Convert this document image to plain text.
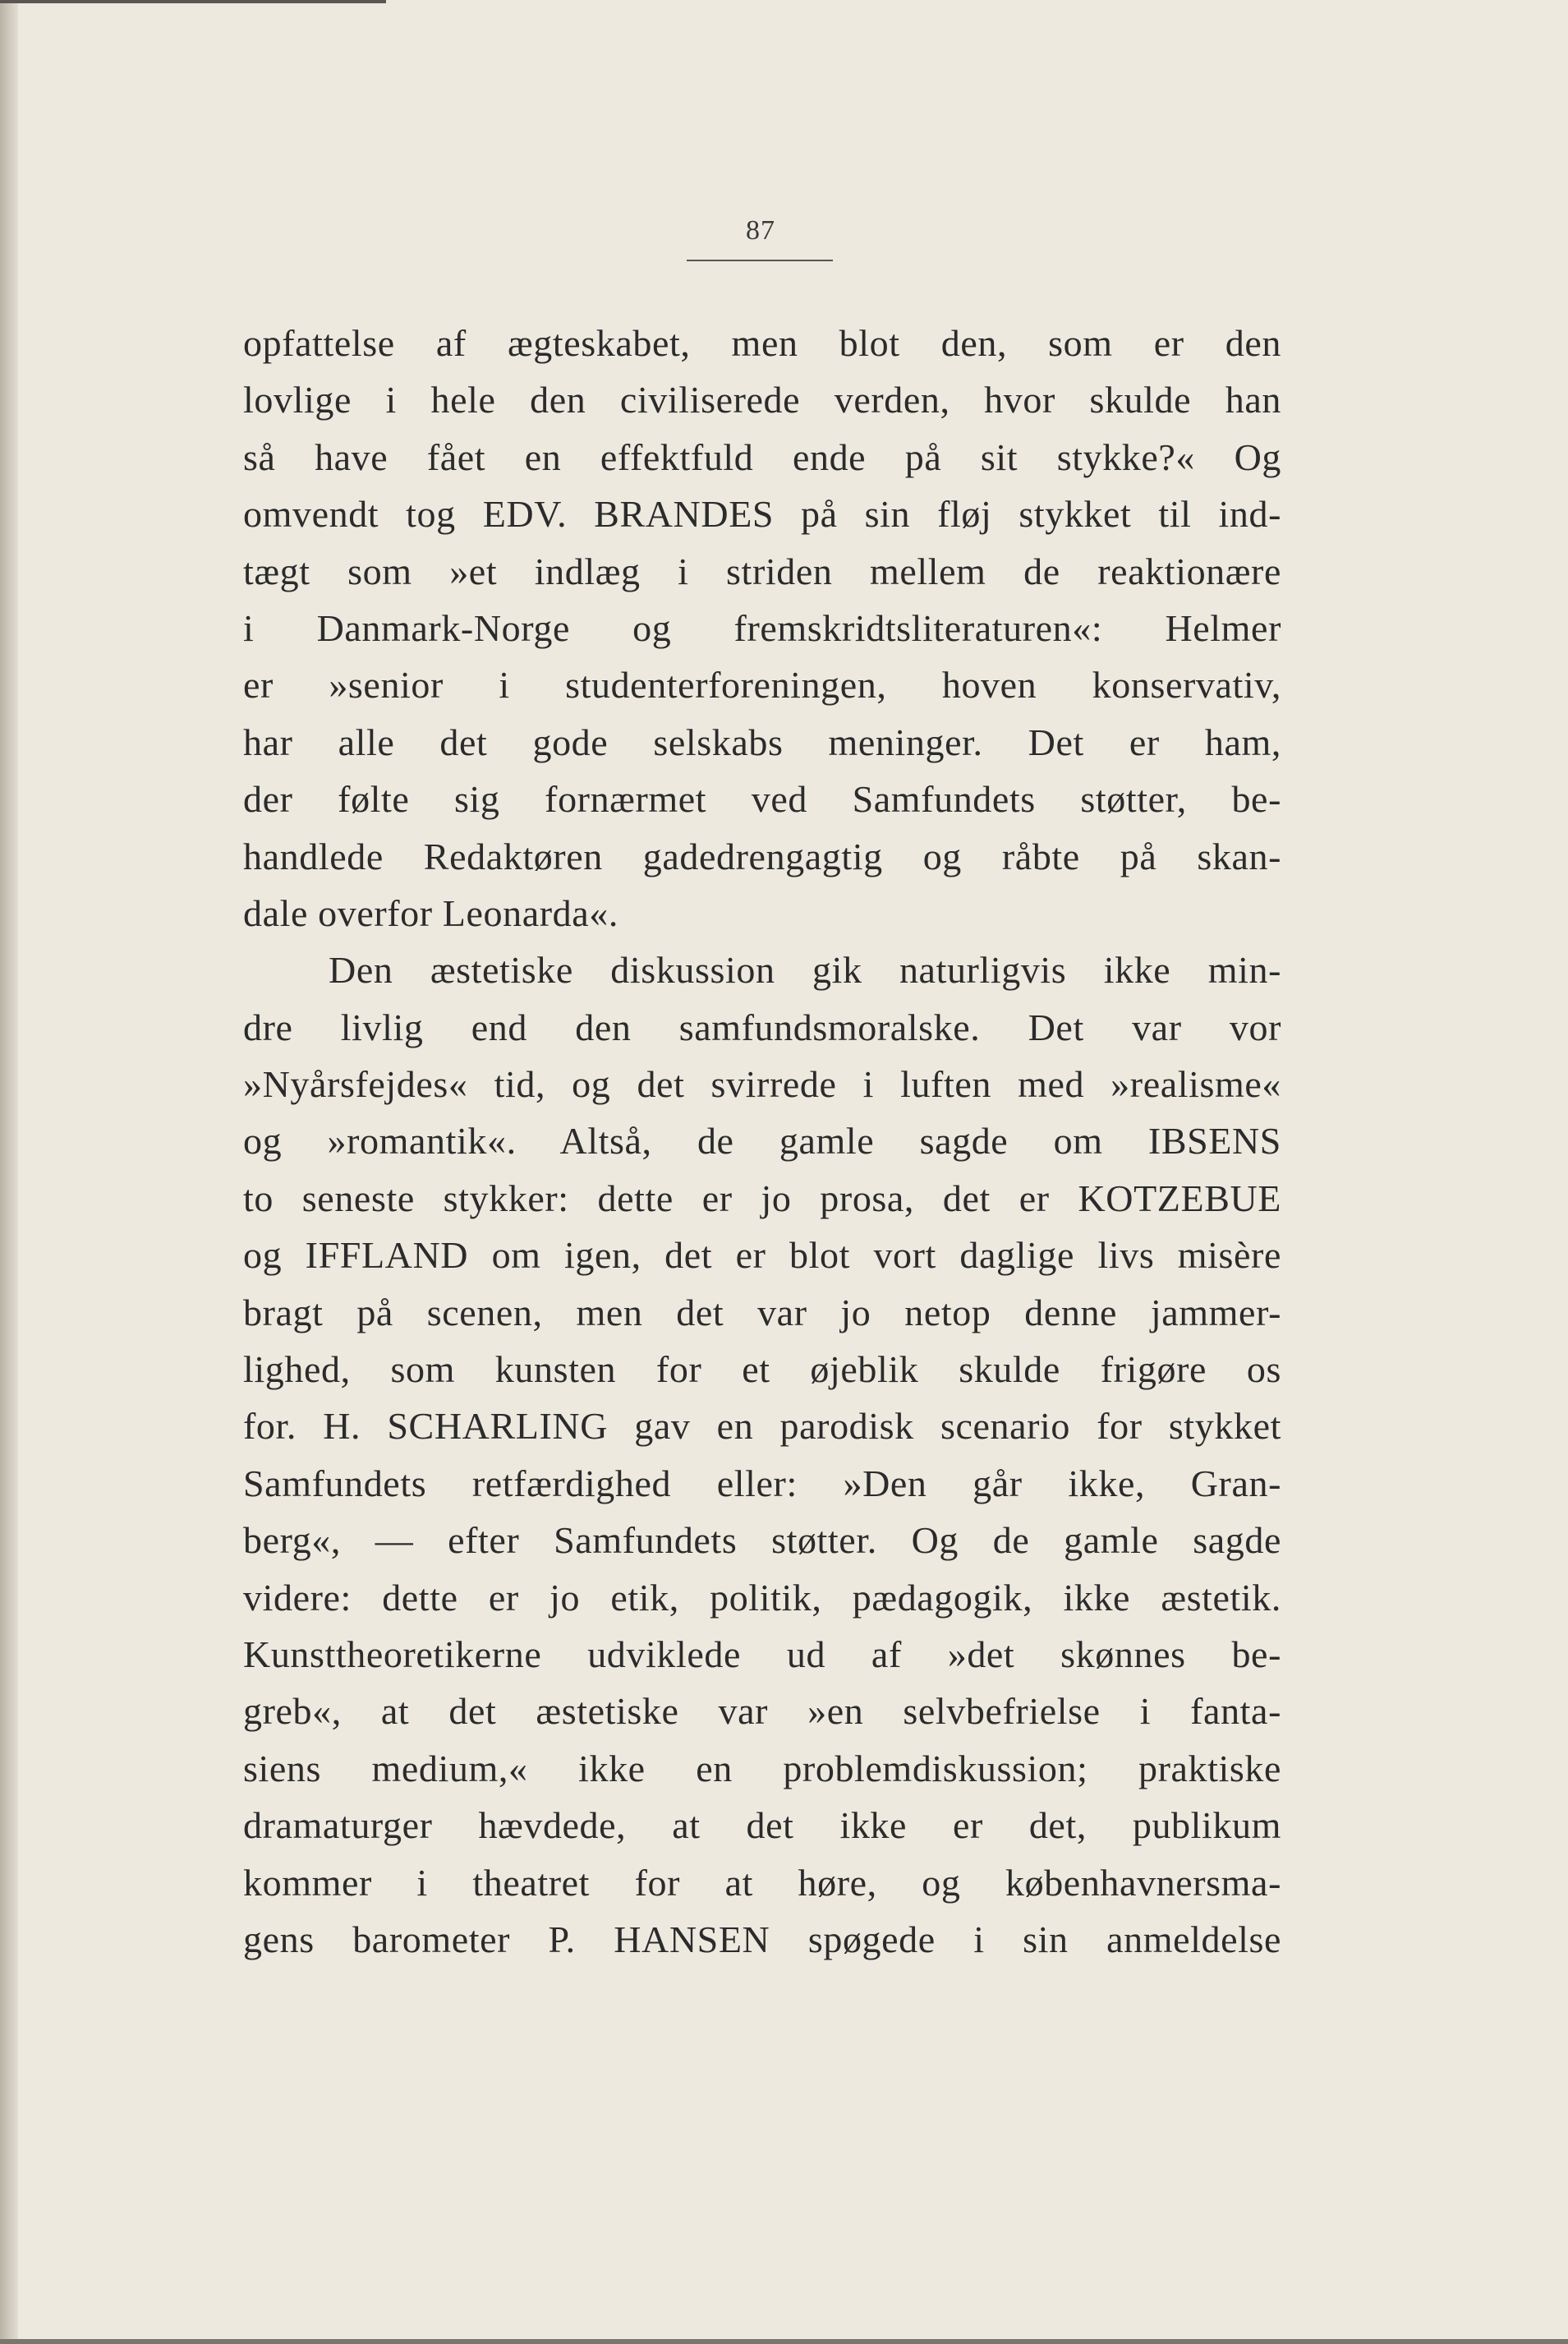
87
opfattelse af ægteskabet, men blot den, som er den
lovlige i hele den civiliserede verden, hvor skulde han
så have fået en effektfuld ende på sit stykke?« Og
omvendt tog EDV. BRANDES på sin fløj stykket til ind-
tægt som »et indlæg i striden mellem de reaktionære
i Danmark-Norge og fremskridtsliteraturen«: Helmer
er »senior i studenterforeningen, hoven konservativ,
har alle det gode selskabs meninger. Det er ham,
der følte sig fornærmet ved Samfundets støtter, be-
handlede Redaktøren gadedrengagtig og råbte på skan-
dale overfor Leonarda«.
Den æstetiske diskussion gik naturligvis ikke min-
dre livlig end den samfundsmoralske. Det var vor
»Nyårsfejdes« tid, og det svirrede i luften med »realisme«
og »romantik«. Altså, de gamle sagde om IBSENS
to seneste stykker: dette er jo prosa, det er KOTZEBUE
og IFFLAND om igen, det er blot vort daglige livs misère
bragt på scenen, men det var jo netop denne jammer-
lighed, som kunsten for et øjeblik skulde frigøre os
for. H. SCHARLING gav en parodisk scenario for stykket
Samfundets retfærdighed eller: »Den går ikke, Gran-
berg«, — efter Samfundets støtter. Og de gamle sagde
videre: dette er jo etik, politik, pædagogik, ikke æstetik.
Kunsttheoretikerne udviklede ud af »det skønnes be-
greb«, at det æstetiske var »en selvbefrielse i fanta-
siens medium,« ikke en problemdiskussion; praktiske
dramaturger hævdede, at det ikke er det, publikum
kommer i theatret for at høre, og københavnersma-
gens barometer P. HANSEN spøgede i sin anmeldelse
